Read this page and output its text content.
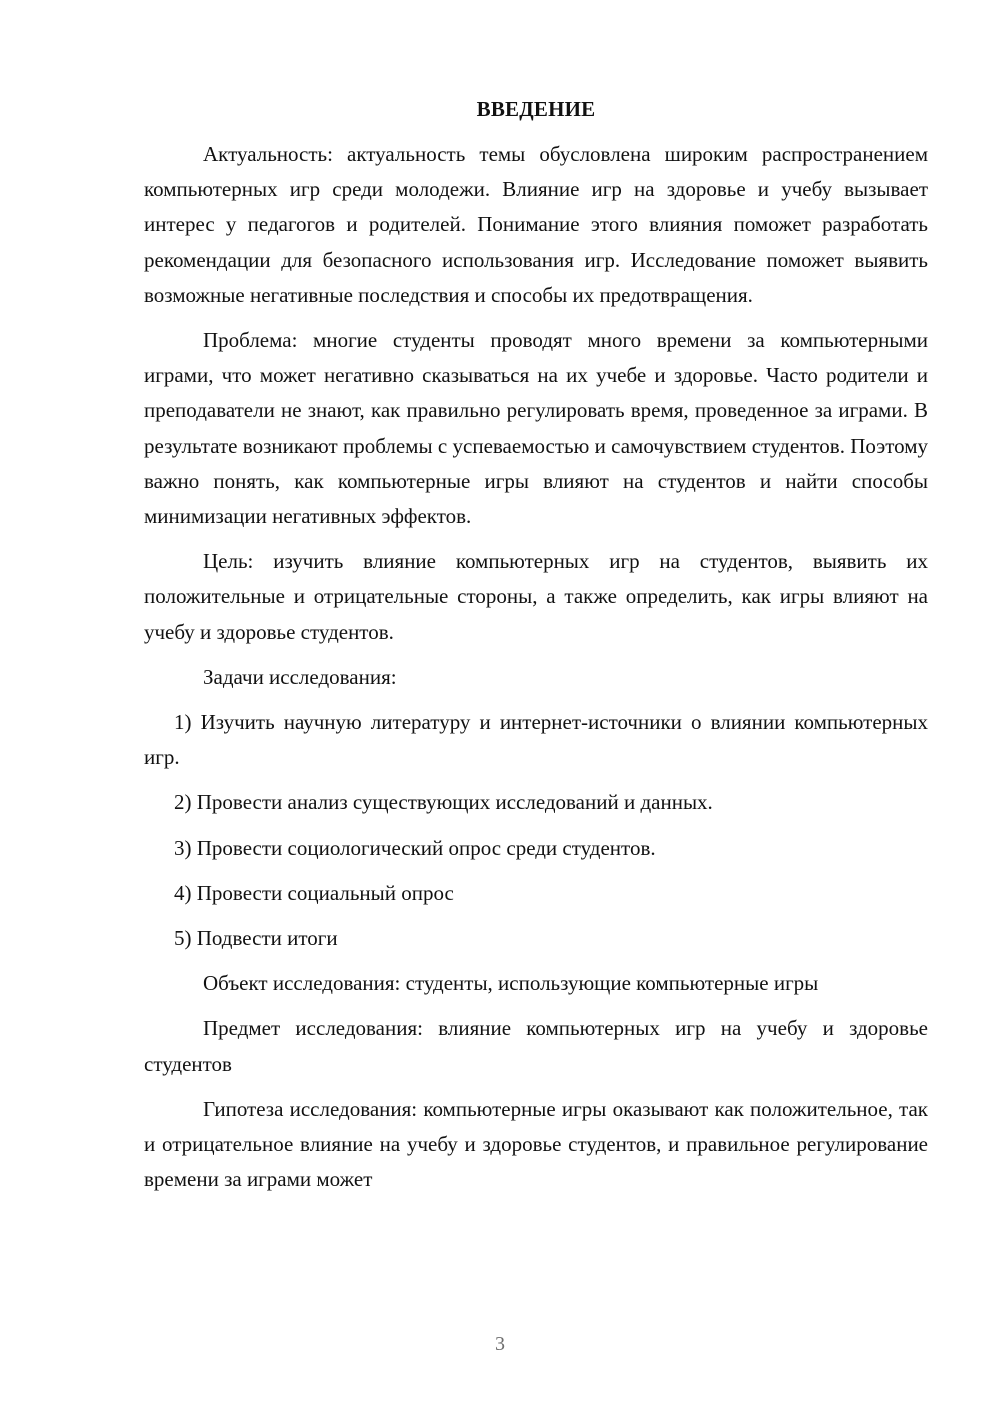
ВВЕДЕНИЕ

Актуальность: актуальность темы обусловлена широким распространением компьютерных игр среди молодежи. Влияние игр на здоровье и учебу вызывает интерес у педагогов и родителей. Понимание этого влияния поможет разработать рекомендации для безопасного использования игр. Исследование поможет выявить возможные негативные последствия и способы их предотвращения.

Проблема: многие студенты проводят много времени за компьютерными играми, что может негативно сказываться на их учебе и здоровье. Часто родители и преподаватели не знают, как правильно регулировать время, проведенное за играми. В результате возникают проблемы с успеваемостью и самочувствием студентов. Поэтому важно понять, как компьютерные игры влияют на студентов и найти способы минимизации негативных эффектов.

Цель: изучить влияние компьютерных игр на студентов, выявить их положительные и отрицательные стороны, а также определить, как игры влияют на учебу и здоровье студентов.

Задачи исследования:

1) Изучить научную литературу и интернет-источники о влиянии компьютерных игр.
2) Провести анализ существующих исследований и данных.
3) Провести социологический опрос среди студентов.
4) Провести социальный опрос
5) Подвести итоги

Объект исследования: студенты, использующие компьютерные игры

Предмет исследования: влияние компьютерных игр на учебу и здоровье студентов

Гипотеза исследования: компьютерные игры оказывают как положительное, так и отрицательное влияние на учебу и здоровье студентов, и правильное регулирование времени за играми может

3
